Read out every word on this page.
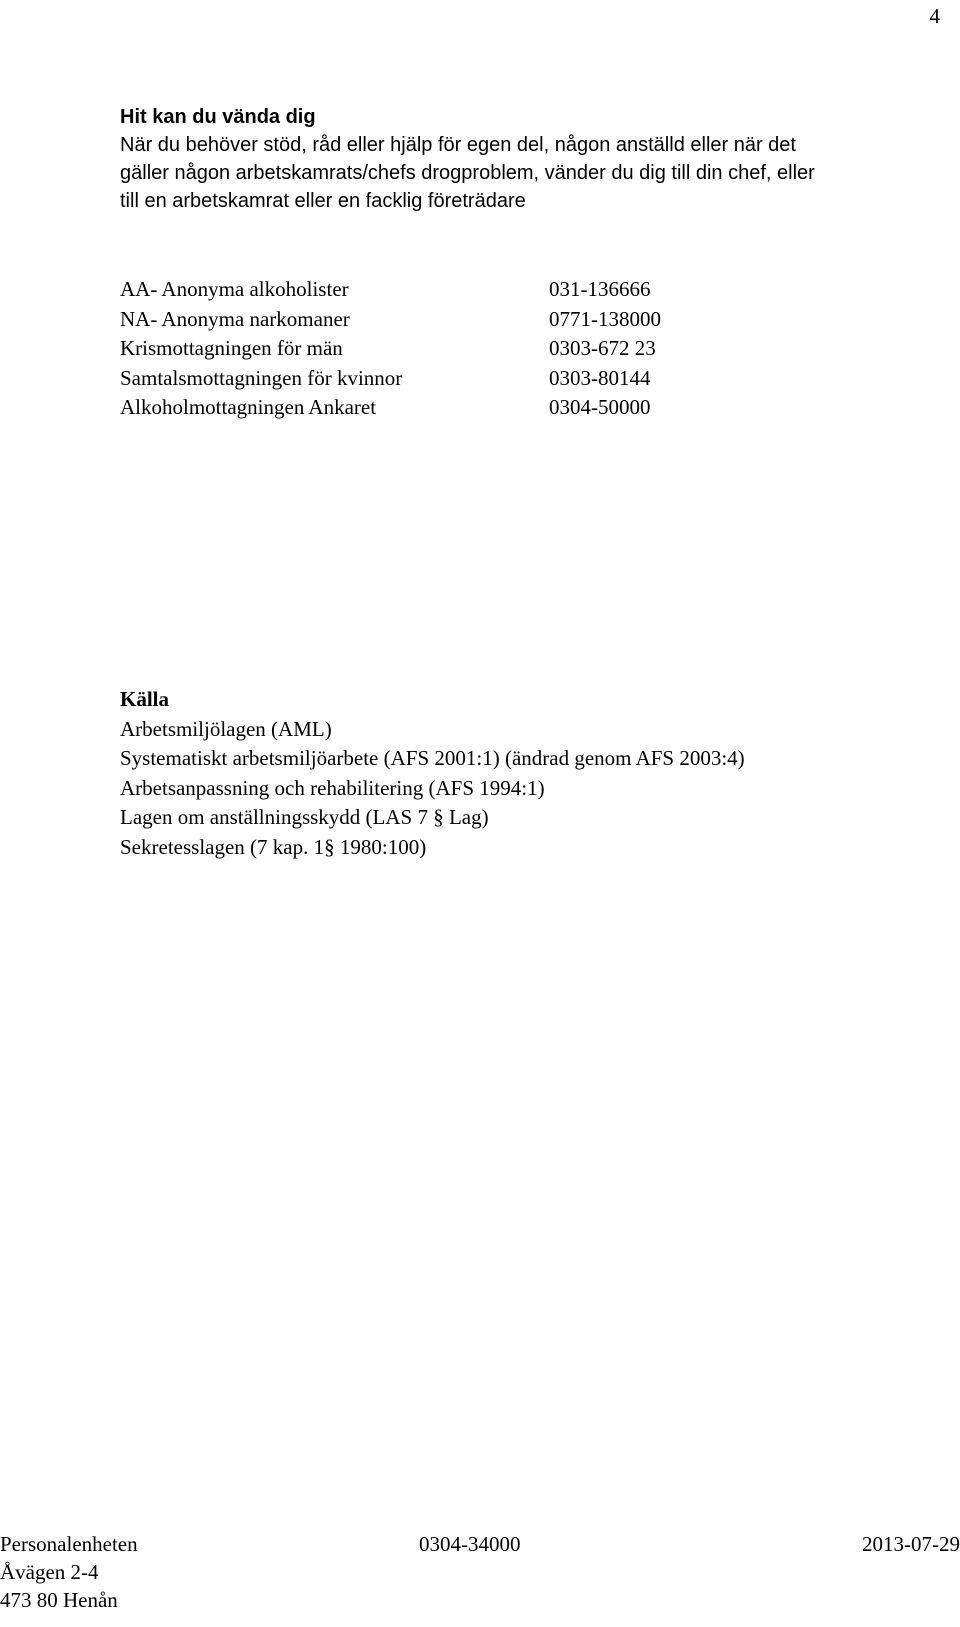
4
Hit kan du vända dig
När du behöver stöd, råd eller hjälp för egen del, någon anställd eller när det
gäller någon arbetskamrats/chefs drogproblem, vänder du dig till din chef, eller
till en arbetskamrat eller en facklig företrädare
AA- Anonyma alkoholister	031-136666
NA- Anonyma narkomaner	0771-138000
Krismottagningen för män	0303-672 23
Samtalsmottagningen för kvinnor	0303-80144
Alkoholmottagningen Ankaret	0304-50000
Källa
Arbetsmiljölagen (AML)
Systematiskt arbetsmiljöarbete (AFS 2001:1) (ändrad genom AFS 2003:4)
Arbetsanpassning och rehabilitering (AFS 1994:1)
Lagen om anställningsskydd (LAS 7 § Lag)
Sekretesslagen (7 kap. 1§ 1980:100)
Personalenheten	0304-34000	2013-07-29
Åvägen 2-4
473 80 Henån
